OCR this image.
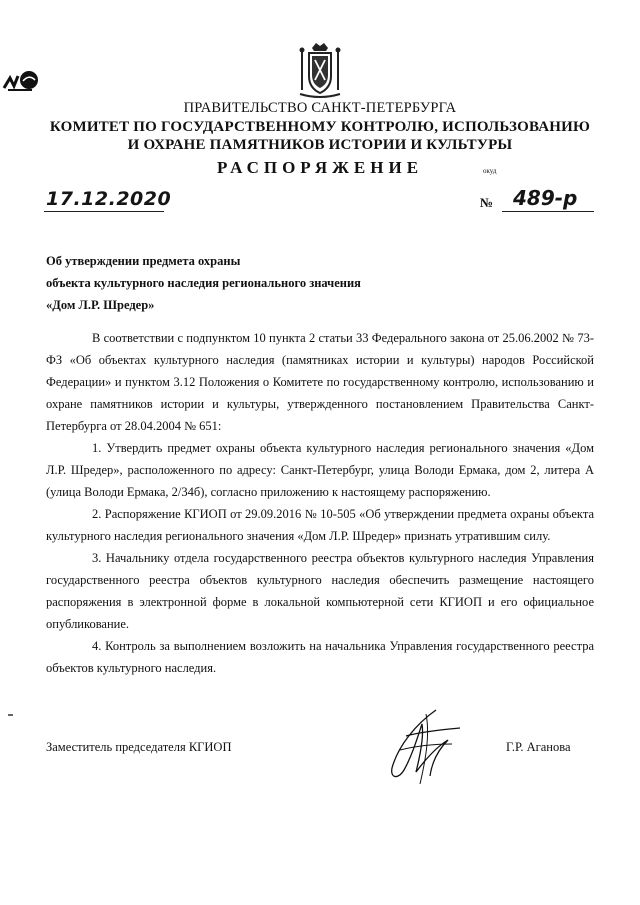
ПРАВИТЕЛЬСТВО САНКТ-ПЕТЕРБУРГА
КОМИТЕТ ПО ГОСУДАРСТВЕННОМУ КОНТРОЛЮ, ИСПОЛЬЗОВАНИЮ
И ОХРАНЕ ПАМЯТНИКОВ ИСТОРИИ И КУЛЬТУРЫ
РАСПОРЯЖЕНИЕ	окуд
17.12.2020	№ 489-р
Об утверждении предмета охраны
объекта культурного наследия регионального значения
«Дом Л.Р. Шредер»

В соответствии с подпунктом 10 пункта 2 статьи 33 Федерального закона от 25.06.2002 № 73-ФЗ «Об объектах культурного наследия (памятниках истории и культуры) народов Российской Федерации» и пунктом 3.12 Положения о Комитете по государственному контролю, использованию и охране памятников истории и культуры, утвержденного постановлением Правительства Санкт-Петербурга от 28.04.2004 № 651:

1. Утвердить предмет охраны объекта культурного наследия регионального значения «Дом Л.Р. Шредер», расположенного по адресу: Санкт-Петербург, улица Володи Ермака, дом 2, литера А (улица Володи Ермака, 2/34б), согласно приложению к настоящему распоряжению.

2. Распоряжение КГИОП от 29.09.2016 № 10-505 «Об утверждении предмета охраны объекта культурного наследия регионального значения «Дом Л.Р. Шредер» признать утратившим силу.

3. Начальнику отдела государственного реестра объектов культурного наследия Управления государственного реестра объектов культурного наследия обеспечить размещение настоящего распоряжения в электронной форме в локальной компьютерной сети КГИОП и его официальное опубликование.

4. Контроль за выполнением возложить на начальника Управления государственного реестра объектов культурного наследия.

Заместитель председателя КГИОП	Г.Р. Аганова
